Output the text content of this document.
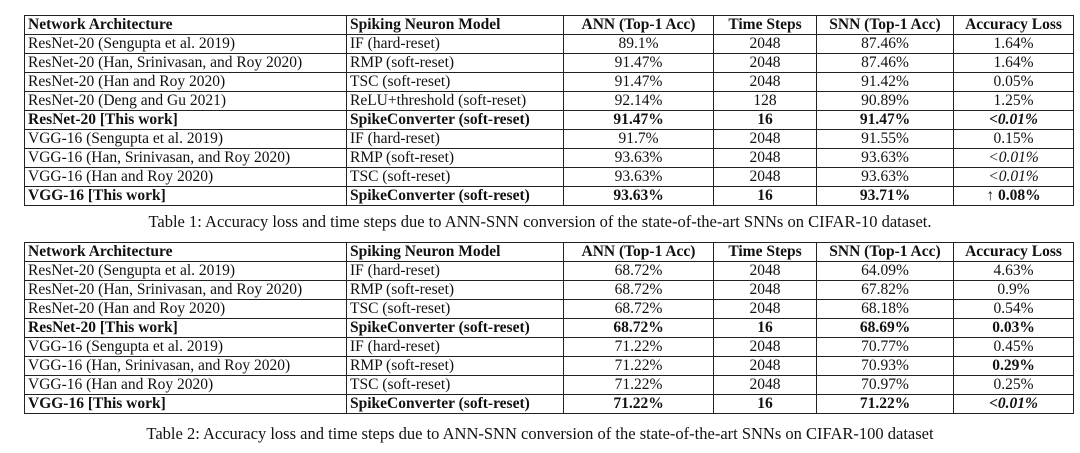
Network Architecture	Spiking Neuron Model	ANN (Top-1 Acc)	Time Steps	SNN (Top-1 Acc)	Accuracy Loss
ResNet-20 (Sengupta et al. 2019)	IF (hard-reset)	89.1%	2048	87.46%	1.64%
ResNet-20 (Han, Srinivasan, and Roy 2020)	RMP (soft-reset)	91.47%	2048	87.46%	1.64%
ResNet-20 (Han and Roy 2020)	TSC (soft-reset)	91.47%	2048	91.42%	0.05%
ResNet-20 (Deng and Gu 2021)	ReLU+threshold (soft-reset)	92.14%	128	90.89%	1.25%
ResNet-20 [This work]	SpikeConverter (soft-reset)	91.47%	16	91.47%	<0.01%
VGG-16 (Sengupta et al. 2019)	IF (hard-reset)	91.7%	2048	91.55%	0.15%
VGG-16 (Han, Srinivasan, and Roy 2020)	RMP (soft-reset)	93.63%	2048	93.63%	<0.01%
VGG-16 (Han and Roy 2020)	TSC (soft-reset)	93.63%	2048	93.63%	<0.01%
VGG-16 [This work]	SpikeConverter (soft-reset)	93.63%	16	93.71%	↑ 0.08%
Table 1: Accuracy loss and time steps due to ANN-SNN conversion of the state-of-the-art SNNs on CIFAR-10 dataset.
Network Architecture	Spiking Neuron Model	ANN (Top-1 Acc)	Time Steps	SNN (Top-1 Acc)	Accuracy Loss
ResNet-20 (Sengupta et al. 2019)	IF (hard-reset)	68.72%	2048	64.09%	4.63%
ResNet-20 (Han, Srinivasan, and Roy 2020)	RMP (soft-reset)	68.72%	2048	67.82%	0.9%
ResNet-20 (Han and Roy 2020)	TSC (soft-reset)	68.72%	2048	68.18%	0.54%
ResNet-20 [This work]	SpikeConverter (soft-reset)	68.72%	16	68.69%	0.03%
VGG-16 (Sengupta et al. 2019)	IF (hard-reset)	71.22%	2048	70.77%	0.45%
VGG-16 (Han, Srinivasan, and Roy 2020)	RMP (soft-reset)	71.22%	2048	70.93%	0.29%
VGG-16 (Han and Roy 2020)	TSC (soft-reset)	71.22%	2048	70.97%	0.25%
VGG-16 [This work]	SpikeConverter (soft-reset)	71.22%	16	71.22%	<0.01%
Table 2: Accuracy loss and time steps due to ANN-SNN conversion of the state-of-the-art SNNs on CIFAR-100 dataset
